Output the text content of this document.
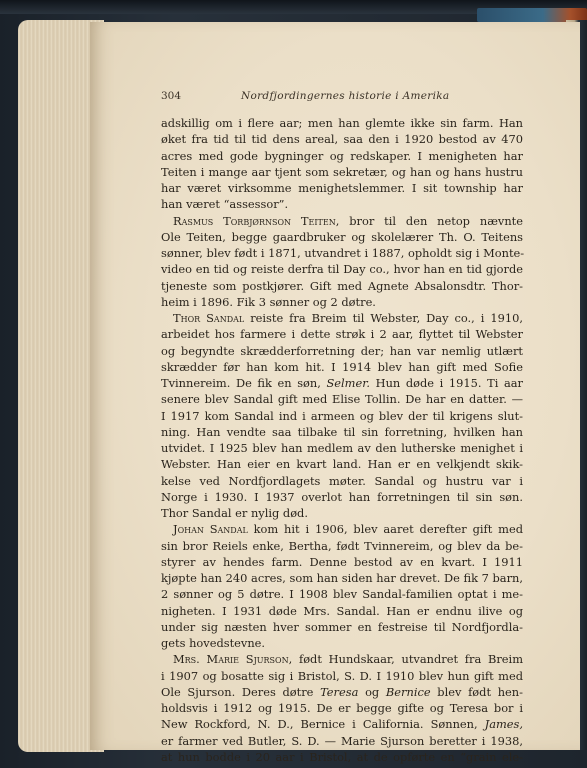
304	Nordfjordingernes historie i Amerika
adskillig om i flere aar; men han glemte ikke sin farm. Han
øket fra tid til tid dens areal, saa den i 1920 bestod av 470
acres med gode bygninger og redskaper. I menigheten har
Teiten i mange aar tjent som sekretær, og han og hans hustru
har været virksomme menighetslemmer. I sit township har
han været “assessor”.
Rasmus Torbjørnson Teiten, bror til den netop nævnte
Ole Teiten, begge gaardbruker og skolelærer Th. O. Teitens
sønner, blev født i 1871, utvandret i 1887, opholdt sig i Monte-
video en tid og reiste derfra til Day co., hvor han en tid gjorde
tjeneste som postkjører. Gift med Agnete Absalonsdtr. Thor-
heim i 1896. Fik 3 sønner og 2 døtre.
Thor Sandal reiste fra Breim til Webster, Day co., i 1910,
arbeidet hos farmere i dette strøk i 2 aar, flyttet til Webster
og begyndte skrædderforretning der; han var nemlig utlært
skrædder før han kom hit. I 1914 blev han gift med Sofie
Tvinnereim. De fik en søn, Selmer. Hun døde i 1915. Ti aar
senere blev Sandal gift med Elise Tollin. De har en datter. —
I 1917 kom Sandal ind i armeen og blev der til krigens slut-
ning. Han vendte saa tilbake til sin forretning, hvilken han
utvidet. I 1925 blev han medlem av den lutherske menighet i
Webster. Han eier en kvart land. Han er en velkjendt skik-
kelse ved Nordfjordlagets møter. Sandal og hustru var i
Norge i 1930. I 1937 overlot han forretningen til sin søn.
Thor Sandal er nylig død.
Johan Sandal kom hit i 1906, blev aaret derefter gift med
sin bror Reiels enke, Bertha, født Tvinnereim, og blev da be-
styrer av hendes farm. Denne bestod av en kvart. I 1911
kjøpte han 240 acres, som han siden har drevet. De fik 7 barn,
2 sønner og 5 døtre. I 1908 blev Sandal-familien optat i me-
nigheten. I 1931 døde Mrs. Sandal. Han er endnu ilive og
under sig næsten hver sommer en festreise til Nordfjordla-
gets hovedstevne.
Mrs. Marie Sjurson, født Hundskaar, utvandret fra Breim
i 1907 og bosatte sig i Bristol, S. D. I 1910 blev hun gift med
Ole Sjurson. Deres døtre Teresa og Bernice blev født hen-
holdsvis i 1912 og 1915. De er begge gifte og Teresa bor i
New Rockford, N. D., Bernice i California. Sønnen, James,
er farmer ved Butler, S. D. — Marie Sjurson beretter i 1938,
at hun bodde i 20 aar i Bristol, at de opførte en “grain ele-
